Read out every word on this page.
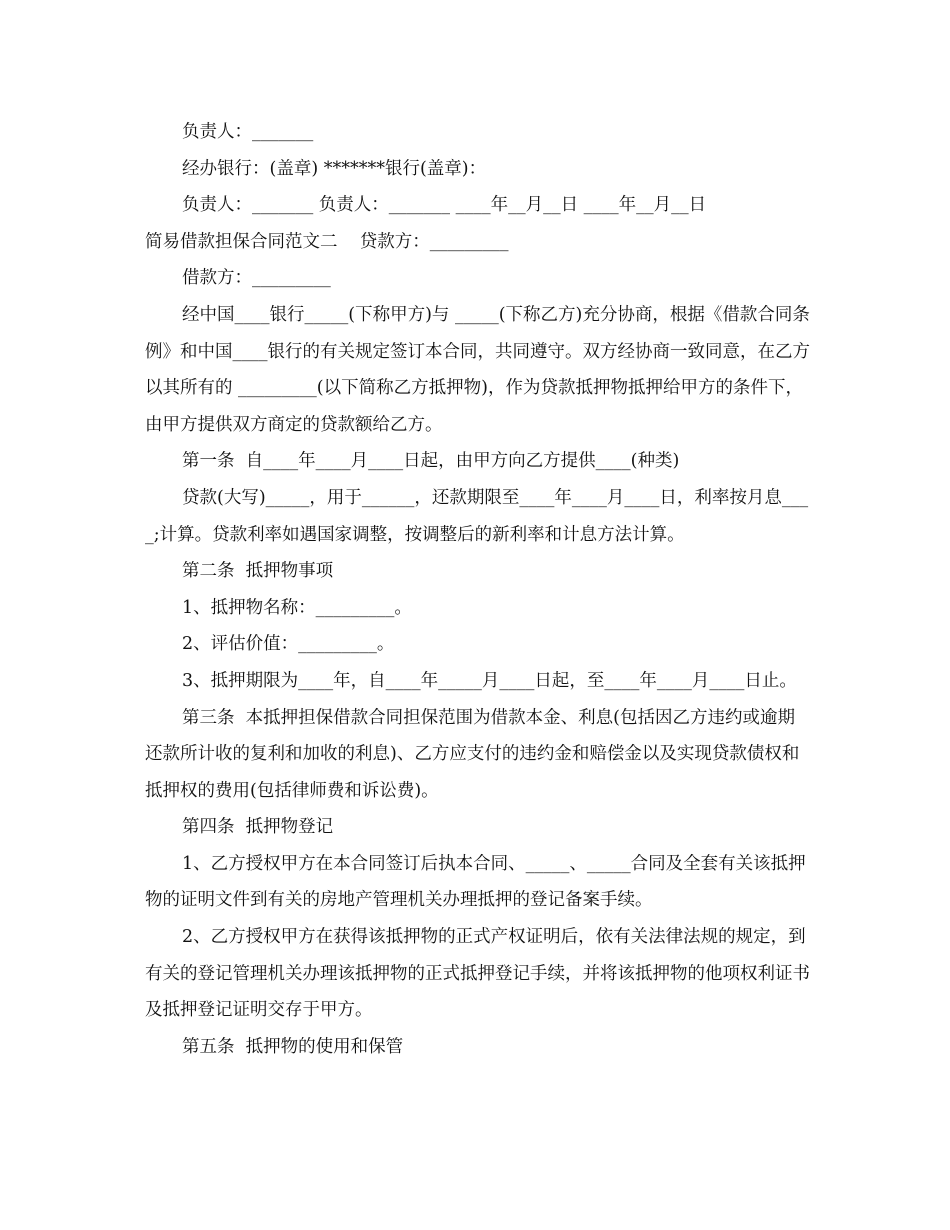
负责人：_______

经办银行：(盖章) *******银行(盖章)：

负责人：_______ 负责人：_______ ____年__月__日 ____年__月__日

简易借款担保合同范文二    贷款方：_________

借款方：_________

经中国____银行_____(下称甲方)与 _____(下称乙方)充分协商，根据《借款合同条例》和中国____银行的有关规定签订本合同，共同遵守。双方经协商一致同意，在乙方以其所有的 _________(以下简称乙方抵押物)，作为贷款抵押物抵押给甲方的条件下，由甲方提供双方商定的贷款额给乙方。

第一条  自____年____月____日起，由甲方向乙方提供____(种类)

贷款(大写)_____，用于______，还款期限至____年____月____日，利率按月息____;计算。贷款利率如遇国家调整，按调整后的新利率和计息方法计算。

第二条  抵押物事项

1、抵押物名称：_________。

2、评估价值：_________。

3、抵押期限为____年，自____年_____月____日起，至____年____月____日止。

第三条  本抵押担保借款合同担保范围为借款本金、利息(包括因乙方违约或逾期还款所计收的复利和加收的利息)、乙方应支付的违约金和赔偿金以及实现贷款债权和抵押权的费用(包括律师费和诉讼费)。

第四条  抵押物登记

1、乙方授权甲方在本合同签订后执本合同、_____、_____合同及全套有关该抵押物的证明文件到有关的房地产管理机关办理抵押的登记备案手续。

2、乙方授权甲方在获得该抵押物的正式产权证明后，依有关法律法规的规定，到有关的登记管理机关办理该抵押物的正式抵押登记手续，并将该抵押物的他项权利证书及抵押登记证明交存于甲方。

第五条  抵押物的使用和保管
